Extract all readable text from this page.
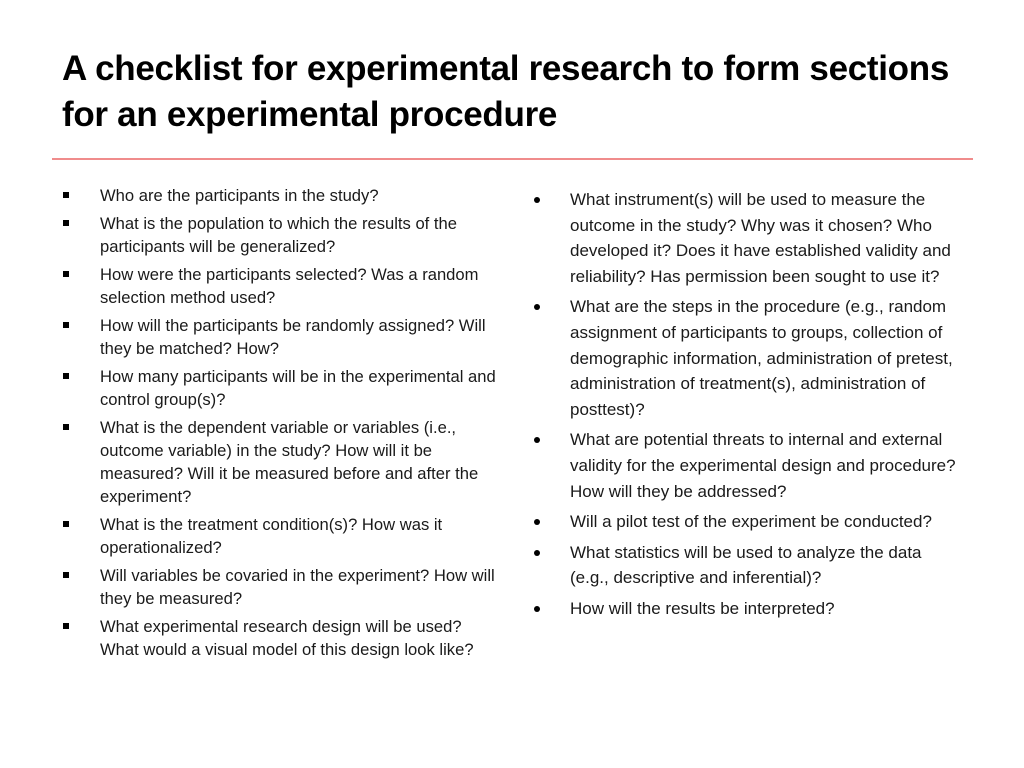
A checklist for experimental research to form sections for an experimental procedure
Who are the participants in the study?
What is the population to which the results of the participants will be generalized?
How were the participants selected? Was a random selection method used?
How will the participants be randomly assigned? Will they be matched? How?
How many participants will be in the experimental and control group(s)?
What is the dependent variable or variables (i.e., outcome variable) in the study? How will it be measured? Will it be measured before and after the experiment?
What is the treatment condition(s)? How was it operationalized?
Will variables be covaried in the experiment? How will they be measured?
What experimental research design will be used? What would a visual model of this design look like?
What instrument(s) will be used to measure the outcome in the study? Why was it chosen? Who developed it? Does it have established validity and reliability? Has permission been sought to use it?
What are the steps in the procedure (e.g., random assignment of participants to groups, collection of demographic information, administration of pretest, administration of treatment(s), administration of posttest)?
What are potential threats to internal and external validity for the experimental design and procedure? How will they be addressed?
Will a pilot test of the experiment be conducted?
What statistics will be used to analyze the data (e.g., descriptive and inferential)?
How will the results be interpreted?
